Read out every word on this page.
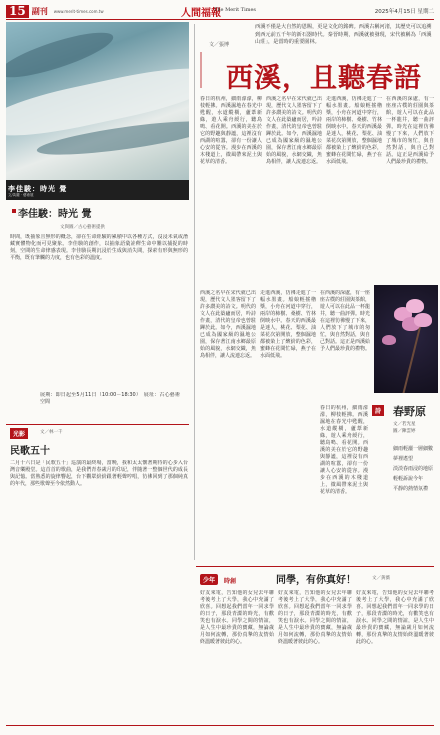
15 副刊 www.merit-times.com.tw	人間福報
The Merit Times	2025年4月15日 星期二
李佳駿：時光 覺
文/黃麗 · 藝術展
西溪不僅是大自然的恩賜，更是文化的銘碑。西溪古稱河渚，其歷史可以追溯到西元前五千年的新石器時代。秦晉時期，西溪就被發現，宋代被稱為「西溪山莊」，是當時的重要園林。
文／張博
西溪，且聽春語
春日的杭州，細雨濛濛，柳枝輕拂。西溪濕地在春光中甦醒，水道縱橫，蘆葦新綠，遊人乘舟緩行，聽鳥鳴、看花開。西溪的美在於它的野趣與靜謐，這裡沒有西湖的喧囂，卻有一份讓人心安的從容。漫步在西溪的木棧道上，微風帶來泥土與花草的清香。
西溪之名早在宋代就已出現，歷代文人墨客留下了許多讚美的詩文。明代的文人在此築廬而居，吟詩作畫，清代的皇帝也曾駐蹕於此。如今，西溪濕地已成為國家級的濕地公園，保存著江南水鄉最原始的風貌，水網交織，魚鳥相伴，讓人流連忘返。
走進西溪，彷彿走進了一幅水墨畫。船娘輕搖櫓槳，小舟在河道中穿行，兩岸的柿樹、桑樹、竹林倒映水中。春天的西溪最是迷人，桃花、梨花、油菜花次第開放，整個濕地都被染上了繽紛的色彩，蜜蜂在花間忙碌，燕子在水面低飛。
在西溪的深處，有一座座古樸的莊園與茶館，遊人可以在此品一杯龍井，聽一曲評彈。時光在這裡彷彿慢了下來，人們放下了城市的匆忙，與自然對話，與自己對話。這正是西溪給予人們最珍貴的禮物。
西溪之名早在宋代就已出現，歷代文人墨客留下了許多讚美的詩文。明代的文人在此築廬而居，吟詩作畫，清代的皇帝也曾駐蹕於此。如今，西溪濕地已成為國家級的濕地公園，保存著江南水鄉最原始的風貌，水網交織，魚鳥相伴，讓人流連忘返。
走進西溪，彷彿走進了一幅水墨畫。船娘輕搖櫓槳，小舟在河道中穿行，兩岸的柿樹、桑樹、竹林倒映水中。春天的西溪最是迷人，桃花、梨花、油菜花次第開放，整個濕地都被染上了繽紛的色彩，蜜蜂在花間忙碌，燕子在水面低飛。
在西溪的深處，有一座座古樸的莊園與茶館，遊人可以在此品一杯龍井，聽一曲評彈。時光在這裡彷彿慢了下來，人們放下了城市的匆忙，與自然對話，與自己對話。這正是西溪給予人們最珍貴的禮物。
春日的杭州，細雨濛濛，柳枝輕拂。西溪濕地在春光中甦醒，水道縱橫，蘆葦新綠，遊人乘舟緩行，聽鳥鳴、看花開。西溪的美在於它的野趣與靜謐，這裡沒有西湖的喧囂，卻有一份讓人心安的從容。漫步在西溪的木棧道上，微風帶來泥土與花草的清香。
詩 春野原
文／若光星
圖／陳雲婷
細雨輕灑一層細數
夢裡遙望
淡淡春雨浸的地原
輕輕訴說今年
平靜的熱情氛禮
李佳駿：時光 覺
文與圖／古心藝術提供
時間，既抽象且無形的概念，卻在生命經驗的累積中以各種方式，沒浸未氣或潛藏實體物化而可見聚象。李佳駿的創作，以抽象語彙詮釋生命中難以捕捉的時刻，空間的生命律感表現。李佳駿長期沉浸於生成與消失間，探索有形與無形的平衡，既有筆觸的力度，也有色彩的溫度。
展期：即日起至5月11日（10:00－18:30）　展址：古心藝術空間
光影	文／林一千
民歌五十
二月十六日是「民歌五十」巡演的最終場，當晚，我和太太懷著期待的心步入台灣音樂殿堂。這首首的歌曲，是我們青春歲月的印記，伴隨著一整個世代的成長與記憶。當熟悉的旋律響起，台下觀眾紛紛跟著輕聲哼唱，彷彿回到了那個純真的年代，那些歌聲至今依然動人。
少年	時創	同學，有你真好！	文／黃薇
好友來電，告知他的女兒去年聯考後考上了大學，我心中充滿了欣喜。回想起我們當年一同求學的日子，那段青澀的時光，有歡笑也有淚水。同學之間的情誼，是人生中最珍貴的寶藏，無論歲月如何流轉，那份真摯的友情始終溫暖著彼此的心。
好友來電，告知他的女兒去年聯考後考上了大學，我心中充滿了欣喜。回想起我們當年一同求學的日子，那段青澀的時光，有歡笑也有淚水。同學之間的情誼，是人生中最珍貴的寶藏，無論歲月如何流轉，那份真摯的友情始終溫暖著彼此的心。
好友來電，告知他的女兒去年聯考後考上了大學，我心中充滿了欣喜。回想起我們當年一同求學的日子，那段青澀的時光，有歡笑也有淚水。同學之間的情誼，是人生中最珍貴的寶藏，無論歲月如何流轉，那份真摯的友情始終溫暖著彼此的心。
